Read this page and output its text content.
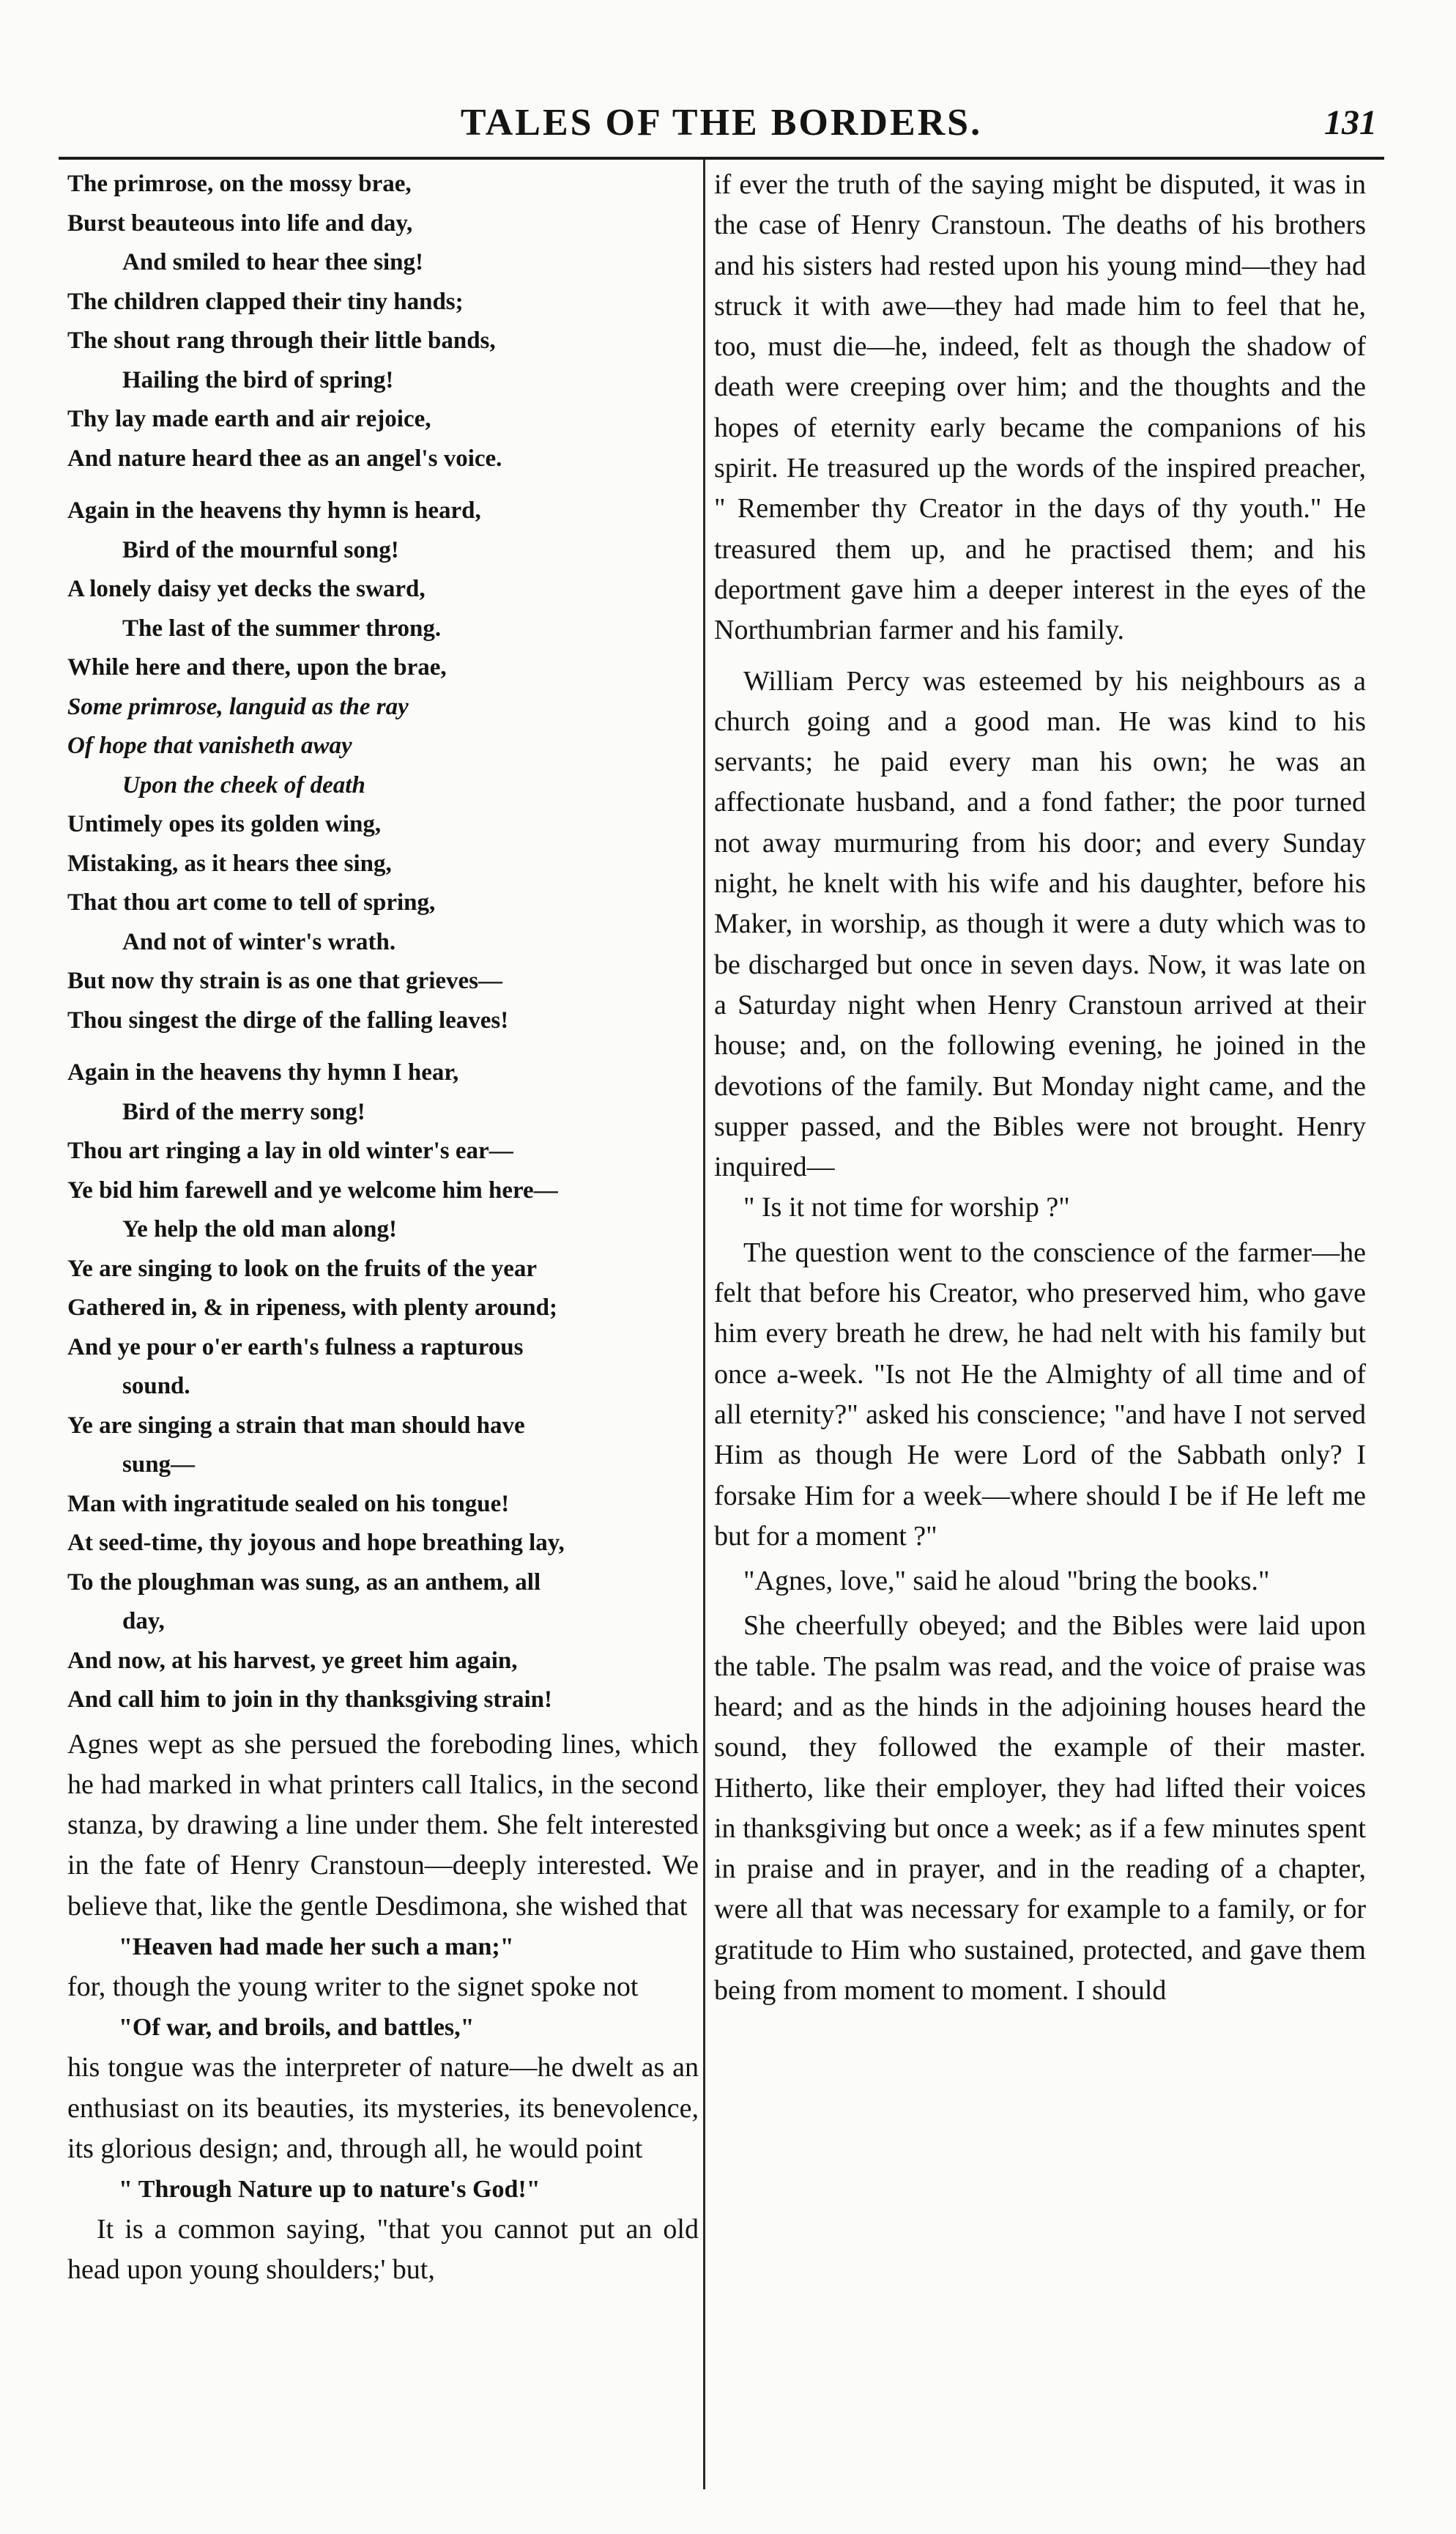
TALES OF THE BORDERS.	131
The primrose, on the mossy brae,
Burst beauteous into life and day,
And smiled to hear thee sing!
The children clapped their tiny hands;
The shout rang through their little bands,
Hailing the bird of spring!
Thy lay made earth and air rejoice,
And nature heard thee as an angel's voice.
Again in the heavens thy hymn is heard,
Bird of the mournful song!
A lonely daisy yet decks the sward,
The last of the summer throng.
While here and there, upon the brae,
Some primrose, languid as the ray
Of hope that vanisheth away
Upon the cheek of death
Untimely opes its golden wing,
Mistaking, as it hears thee sing,
That thou art come to tell of spring,
And not of winter's wrath.
But now thy strain is as one that grieves—
Thou singest the dirge of the falling leaves!
Again in the heavens thy hymn I hear,
Bird of the merry song!
Thou art ringing a lay in old winter's ear—
Ye bid him farewell and ye welcome him here—
Ye help the old man along!
Ye are singing to look on the fruits of the year
Gathered in, & in ripeness, with plenty around;
And ye pour o'er earth's fulness a rapturous
sound.
Ye are singing a strain that man should have
sung—
Man with ingratitude sealed on his tongue!
At seed-time, thy joyous and hope breathing lay,
To the ploughman was sung, as an anthem, all
day,
And now, at his harvest, ye greet him again,
And call him to join in thy thanksgiving strain!

Agnes wept as she persued the foreboding lines, which he had marked in what printers call Italics, in the second stanza, by drawing a line under them. She felt interested in the fate of Henry Cranstoun—deeply interested. We believe that, like the gentle Desdimona, she wished that

"Heaven had made her such a man;"

for, though the young writer to the signet spoke not

"Of war, and broils, and battles,"

his tongue was the interpreter of nature—he dwelt as an enthusiast on its beauties, its mysteries, its benevolence, its glorious design; and, through all, he would point

" Through Nature up to nature's God!"

It is a common saying, "that you cannot put an old head upon young shoulders;' but,

if ever the truth of the saying might be disputed, it was in the case of Henry Cranstoun. The deaths of his brothers and his sisters had rested upon his young mind—they had struck it with awe—they had made him to feel that he, too, must die—he, indeed, felt as though the shadow of death were creeping over him; and the thoughts and the hopes of eternity early became the companions of his spirit. He treasured up the words of the inspired preacher, " Remember thy Creator in the days of thy youth." He treasured them up, and he practised them; and his deportment gave him a deeper interest in the eyes of the Northumbrian farmer and his family.

William Percy was esteemed by his neighbours as a church going and a good man. He was kind to his servants; he paid every man his own; he was an affectionate husband, and a fond father; the poor turned not away murmuring from his door; and every Sunday night, he knelt with his wife and his daughter, before his Maker, in worship, as though it were a duty which was to be discharged but once in seven days. Now, it was late on a Saturday night when Henry Cranstoun arrived at their house; and, on the following evening, he joined in the devotions of the family. But Monday night came, and the supper passed, and the Bibles were not brought. Henry inquired—

" Is it not time for worship ?"

The question went to the conscience of the farmer—he felt that before his Creator, who preserved him, who gave him every breath he drew, he had nelt with his family but once a-week. "Is not He the Almighty of all time and of all eternity?" asked his conscience; "and have I not served Him as though He were Lord of the Sabbath only? I forsake Him for a week—where should I be if He left me but for a moment ?"

"Agnes, love," said he aloud "bring the books."

She cheerfully obeyed; and the Bibles were laid upon the table. The psalm was read, and the voice of praise was heard; and as the hinds in the adjoining houses heard the sound, they followed the example of their master. Hitherto, like their employer, they had lifted their voices in thanksgiving but once a week; as if a few minutes spent in praise and in prayer, and in the reading of a chapter, were all that was necessary for example to a family, or for gratitude to Him who sustained, protected, and gave them being from moment to moment. I should
